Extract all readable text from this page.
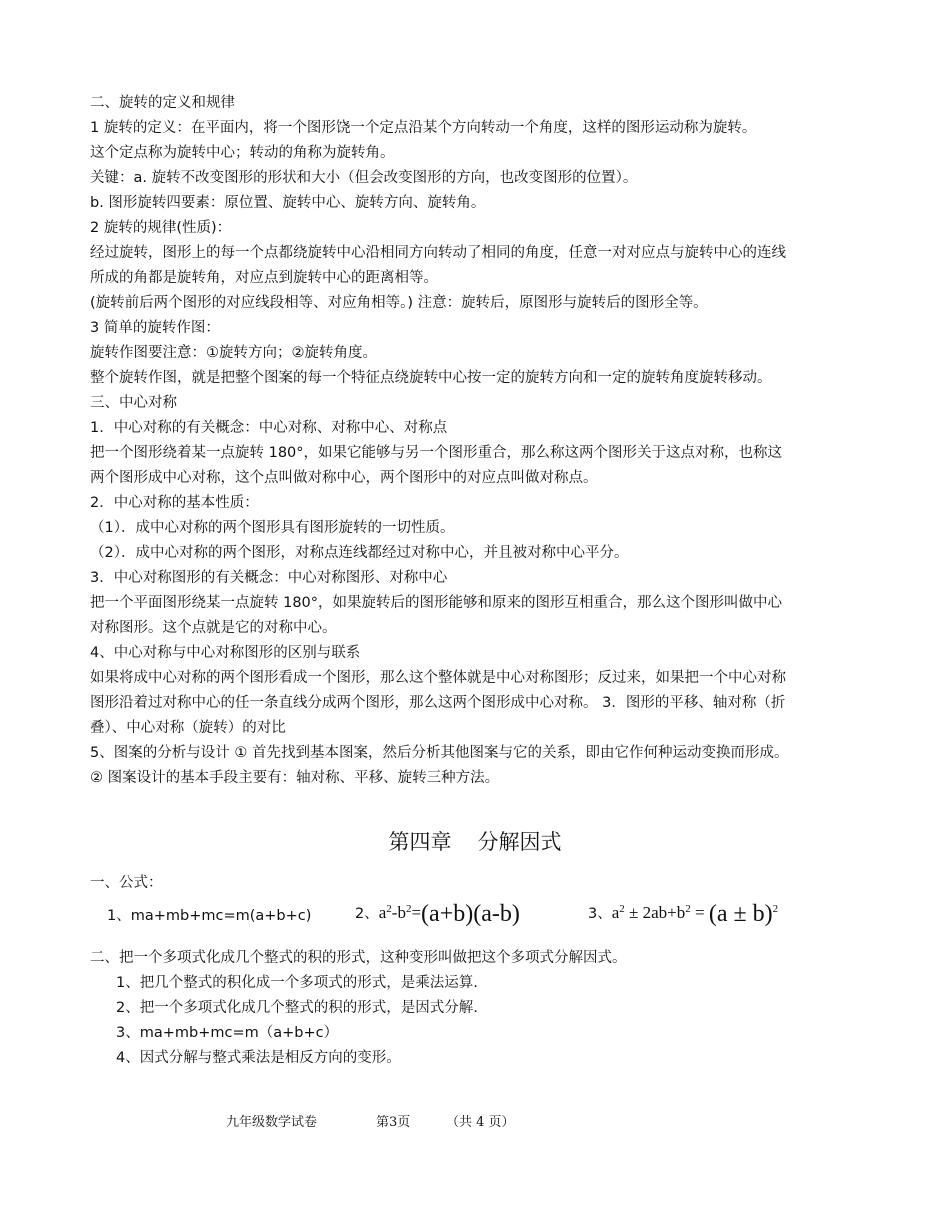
二、旋转的定义和规律
1 旋转的定义：在平面内，将一个图形饶一个定点沿某个方向转动一个角度，这样的图形运动称为旋转。
这个定点称为旋转中心；转动的角称为旋转角。
关键：a. 旋转不改变图形的形状和大小（但会改变图形的方向，也改变图形的位置）。
b. 图形旋转四要素：原位置、旋转中心、旋转方向、旋转角。
2 旋转的规律(性质)：
经过旋转，图形上的每一个点都绕旋转中心沿相同方向转动了相同的角度，任意一对对应点与旋转中心的连线
所成的角都是旋转角，对应点到旋转中心的距离相等。
(旋转前后两个图形的对应线段相等、对应角相等。) 注意：旋转后，原图形与旋转后的图形全等。
3 简单的旋转作图：
旋转作图要注意：①旋转方向；②旋转角度。
整个旋转作图，就是把整个图案的每一个特征点绕旋转中心按一定的旋转方向和一定的旋转角度旋转移动。
三、中心对称
1．中心对称的有关概念：中心对称、对称中心、对称点
把一个图形绕着某一点旋转 180°，如果它能够与另一个图形重合，那么称这两个图形关于这点对称，也称这
两个图形成中心对称，这个点叫做对称中心，两个图形中的对应点叫做对称点。
2．中心对称的基本性质：
（1）．成中心对称的两个图形具有图形旋转的一切性质。
（2）．成中心对称的两个图形，对称点连线都经过对称中心，并且被对称中心平分。
3．中心对称图形的有关概念：中心对称图形、对称中心
把一个平面图形绕某一点旋转 180°，如果旋转后的图形能够和原来的图形互相重合，那么这个图形叫做中心
对称图形。这个点就是它的对称中心。
4、中心对称与中心对称图形的区别与联系
如果将成中心对称的两个图形看成一个图形，那么这个整体就是中心对称图形；反过来，如果把一个中心对称
图形沿着过对称中心的任一条直线分成两个图形，那么这两个图形成中心对称。 3．图形的平移、轴对称（折
叠）、中心对称（旋转）的对比
5、图案的分析与设计 ① 首先找到基本图案，然后分析其他图案与它的关系，即由它作何种运动变换而形成。
② 图案设计的基本手段主要有：轴对称、平移、旋转三种方法。
第四章 分解因式
一、公式：
1、ma+mb+mc=m(a+b+c)	2、$a^2-b^2=(a+b)(a-b)$	3、$a^2 \pm 2ab+b^2 = (a \pm b)^2$
二、把一个多项式化成几个整式的积的形式，这种变形叫做把这个多项式分解因式。
1、把几个整式的积化成一个多项式的形式，是乘法运算.
2、把一个多项式化成几个整式的积的形式，是因式分解.
3、ma+mb+mc=m（a+b+c）
4、因式分解与整式乘法是相反方向的变形。
九年级数学试卷	第3页	（共 4 页）
